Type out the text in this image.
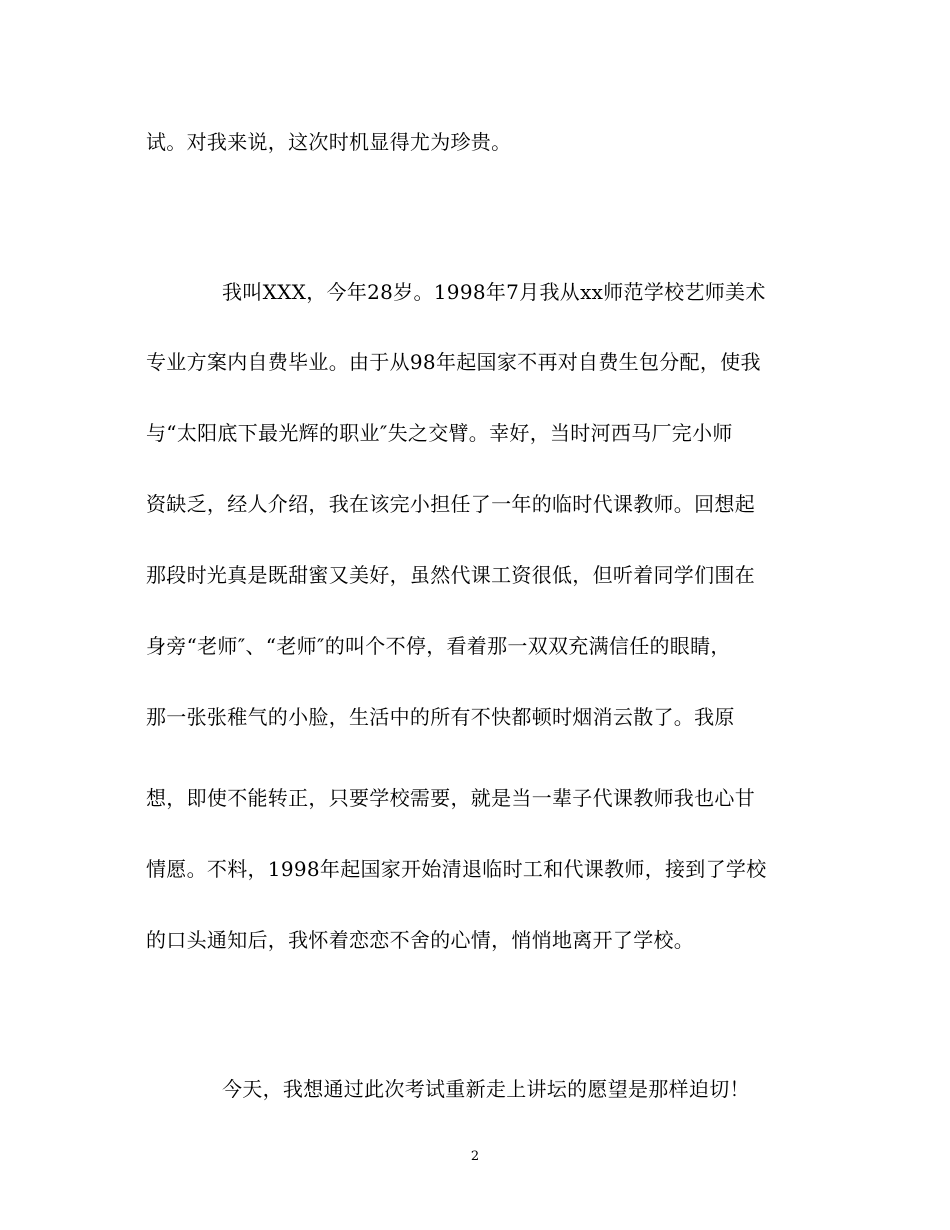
试。对我来说，这次时机显得尤为珍贵。
我叫XXX，今年28岁。1998年7月我从xx师范学校艺师美术
专业方案内自费毕业。由于从98年起国家不再对自费生包分配，使我
与“太阳底下最光辉的职业″失之交臂。幸好，当时河西马厂完小师
资缺乏，经人介绍，我在该完小担任了一年的临时代课教师。回想起
那段时光真是既甜蜜又美好，虽然代课工资很低，但听着同学们围在
身旁“老师″、“老师″的叫个不停，看着那一双双充满信任的眼睛，
那一张张稚气的小脸，生活中的所有不快都顿时烟消云散了。我原
想，即使不能转正，只要学校需要，就是当一辈子代课教师我也心甘
情愿。不料，1998年起国家开始清退临时工和代课教师，接到了学校
的口头通知后，我怀着恋恋不舍的心情，悄悄地离开了学校。
今天，我想通过此次考试重新走上讲坛的愿望是那样迫切！
2
